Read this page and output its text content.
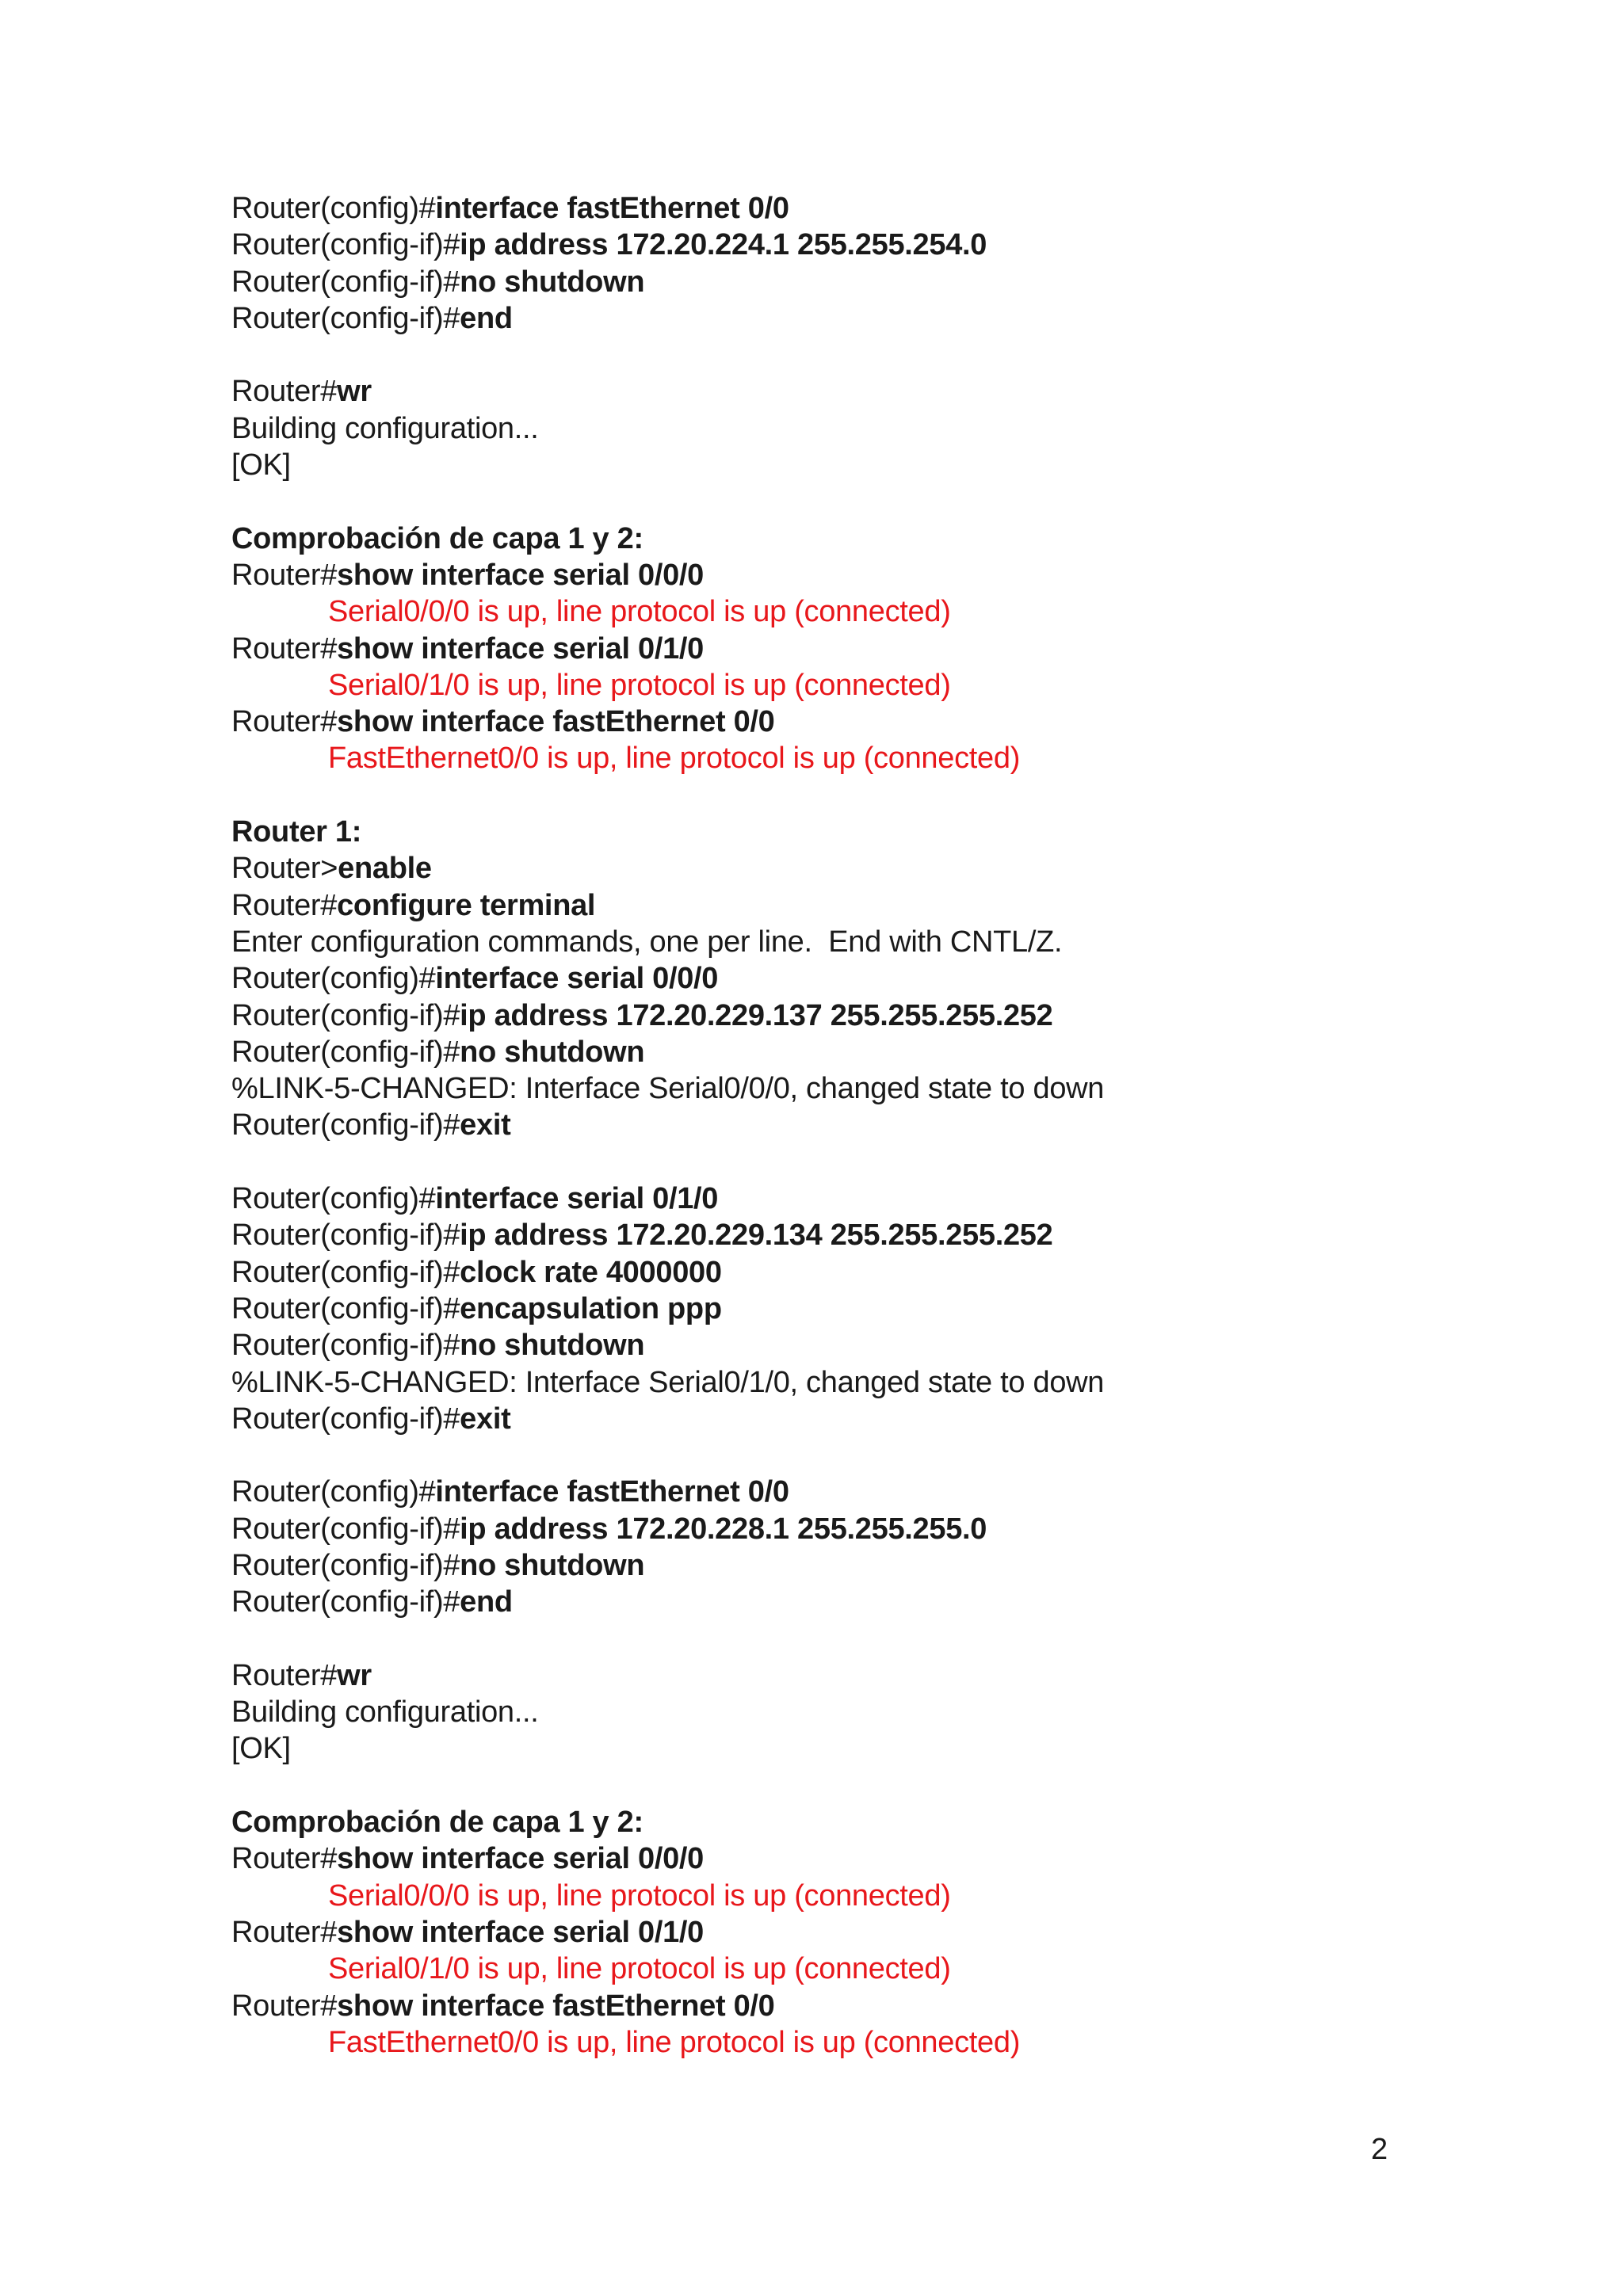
Router(config)#interface fastEthernet 0/0
Router(config-if)#ip address 172.20.224.1 255.255.254.0
Router(config-if)#no shutdown
Router(config-if)#end
Router#wr
Building configuration...
[OK]
Comprobación de capa 1 y 2:
Router#show interface serial 0/0/0
Serial0/0/0 is up, line protocol is up (connected)
Router#show interface serial 0/1/0
Serial0/1/0 is up, line protocol is up (connected)
Router#show interface fastEthernet 0/0
FastEthernet0/0 is up, line protocol is up (connected)
Router 1:
Router>enable
Router#configure terminal
Enter configuration commands, one per line.  End with CNTL/Z.
Router(config)#interface serial 0/0/0
Router(config-if)#ip address 172.20.229.137 255.255.255.252
Router(config-if)#no shutdown
%LINK-5-CHANGED: Interface Serial0/0/0, changed state to down
Router(config-if)#exit
Router(config)#interface serial 0/1/0
Router(config-if)#ip address 172.20.229.134 255.255.255.252
Router(config-if)#clock rate 4000000
Router(config-if)#encapsulation ppp
Router(config-if)#no shutdown
%LINK-5-CHANGED: Interface Serial0/1/0, changed state to down
Router(config-if)#exit
Router(config)#interface fastEthernet 0/0
Router(config-if)#ip address 172.20.228.1 255.255.255.0
Router(config-if)#no shutdown
Router(config-if)#end
Router#wr
Building configuration...
[OK]
Comprobación de capa 1 y 2:
Router#show interface serial 0/0/0
Serial0/0/0 is up, line protocol is up (connected)
Router#show interface serial 0/1/0
Serial0/1/0 is up, line protocol is up (connected)
Router#show interface fastEthernet 0/0
FastEthernet0/0 is up, line protocol is up (connected)
2
